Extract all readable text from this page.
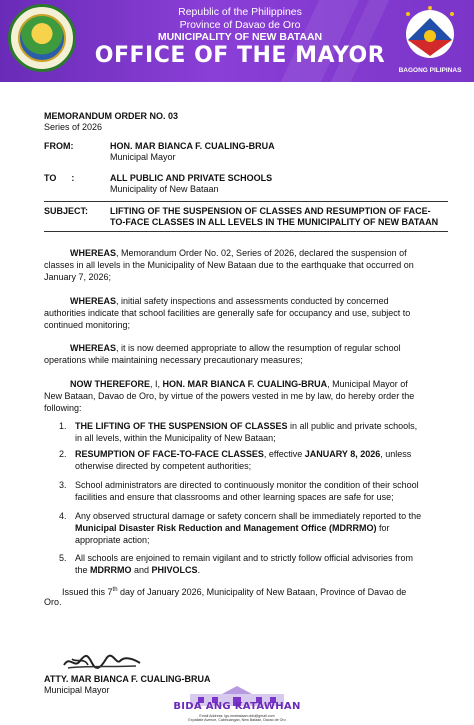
Republic of the Philippines
Province of Davao de Oro
MUNICIPALITY OF NEW BATAAN
OFFICE OF THE MAYOR
BAGONG PILIPINAS
MEMORANDUM ORDER NO. 03
Series of 2026
FROM:	HON. MAR BIANCA F. CUALING-BRUA
Municipal Mayor
TO      :	ALL PUBLIC AND PRIVATE SCHOOLS
Municipality of New Bataan
SUBJECT: LIFTING OF THE SUSPENSION OF CLASSES AND RESUMPTION OF FACE-
TO-FACE CLASSES IN ALL LEVELS IN THE MUNICIPALITY OF NEW BATAAN
WHEREAS, Memorandum Order No. 02, Series of 2026, declared the suspension of
classes in all levels in the Municipality of New Bataan due to the earthquake that occurred on
January 7, 2026;
WHEREAS, initial safety inspections and assessments conducted by concerned
authorities indicate that school facilities are generally safe for occupancy and use, subject to
continued monitoring;
WHEREAS, it is now deemed appropriate to allow the resumption of regular school
operations while maintaining necessary precautionary measures;
NOW THEREFORE, I, HON. MAR BIANCA F. CUALING-BRUA, Municipal Mayor of
New Bataan, Davao de Oro, by virtue of the powers vested in me by law, do hereby order the
following:
1. THE LIFTING OF THE SUSPENSION OF CLASSES in all public and private schools,
in all levels, within the Municipality of New Bataan;
2. RESUMPTION OF FACE-TO-FACE CLASSES, effective JANUARY 8, 2026, unless
otherwise directed by competent authorities;
3. School administrators are directed to continuously monitor the condition of their school
facilities and ensure that classrooms and other learning spaces are safe for use;
4. Any observed structural damage or safety concern shall be immediately reported to the
Municipal Disaster Risk Reduction and Management Office (MDRRMO) for
appropriate action;
5. All schools are enjoined to remain vigilant and to strictly follow official advisories from
the MDRRMO and PHIVOLCS.
Issued this 7th day of January 2026, Municipality of New Bataan, Province of Davao de
Oro.
ATTY. MAR BIANCA F. CUALING-BRUA
Municipal Mayor
BIDA ANG KATAWHAN
Email Address: lgu.newbataan.ddo@gmail.com
Expatiate Avenue, Cabinuangan, New Bataan, Davao de Oro
